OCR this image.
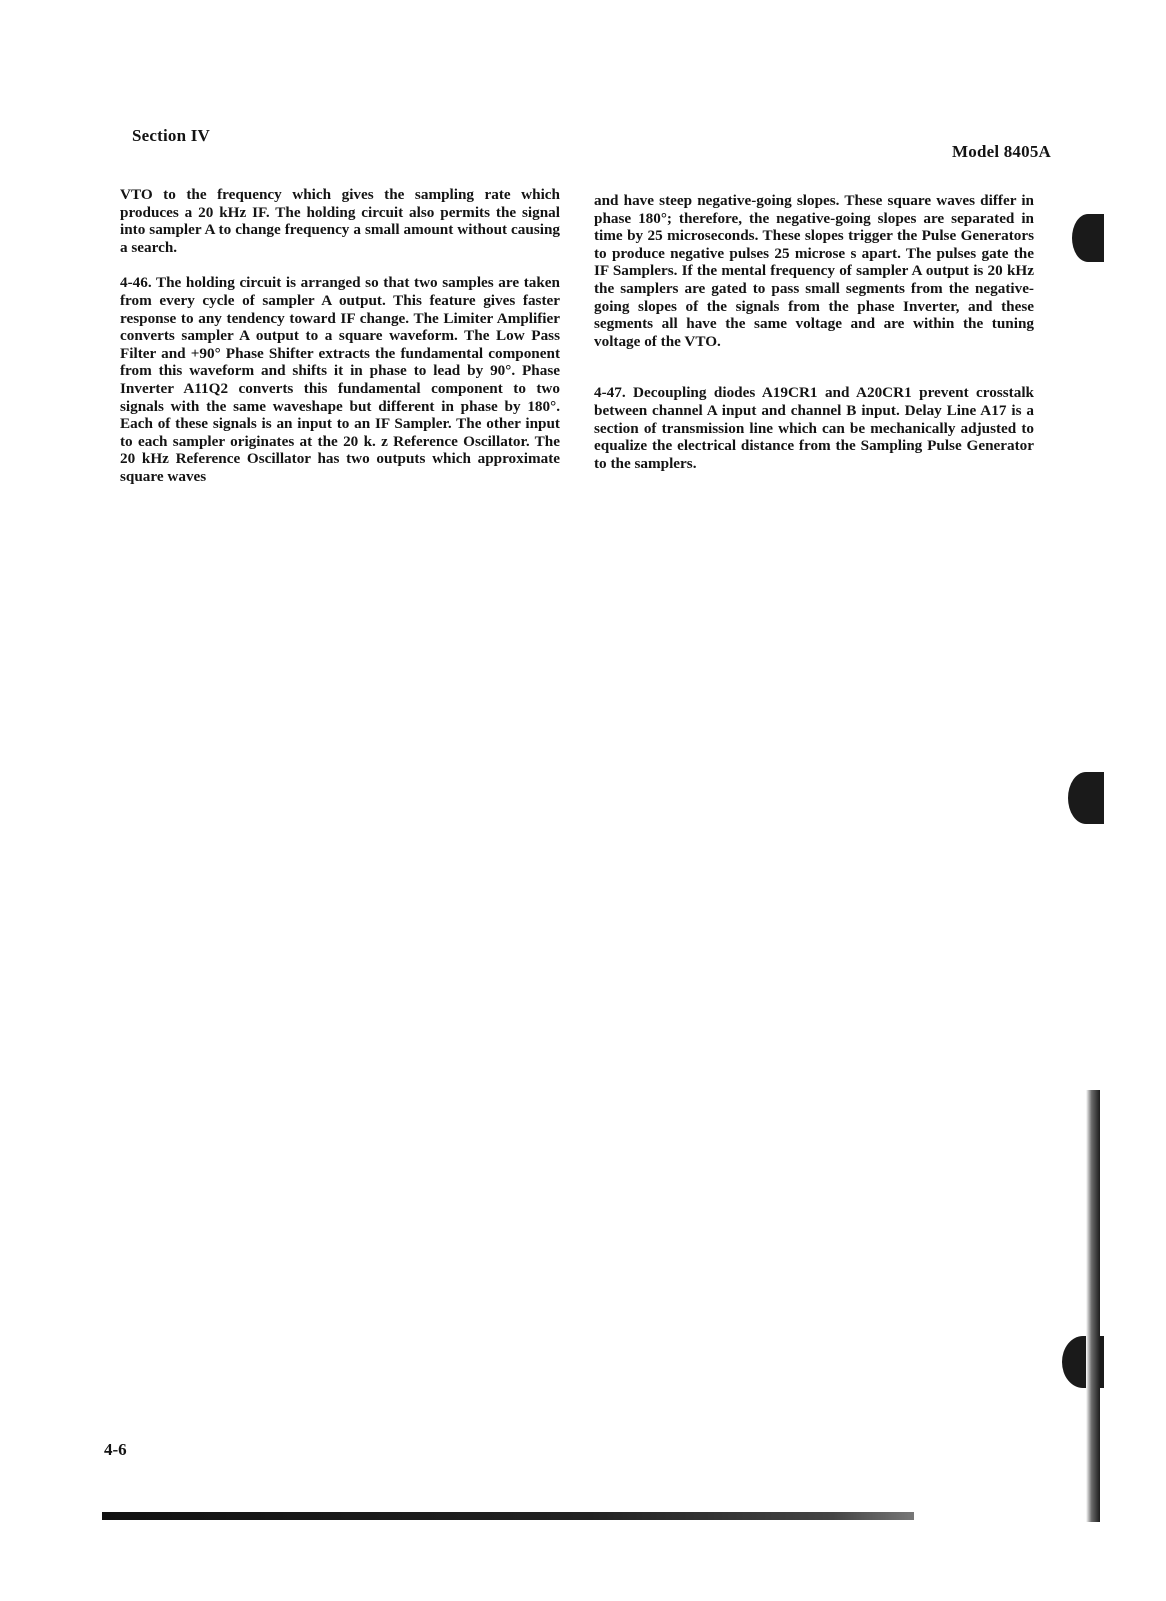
Section IV
Model 8405A

VTO to the frequency which gives the sampling rate which produces a 20 kHz IF. The holding circuit also permits the signal into sampler A to change frequency a small amount without causing a search.

4-46. The holding circuit is arranged so that two samples are taken from every cycle of sampler A output. This feature gives faster response to any tendency toward IF change. The Limiter Amplifier converts sampler A output to a square waveform. The Low Pass Filter and +90° Phase Shifter extracts the fundamental component from this waveform and shifts it in phase to lead by 90°. Phase Inverter A11Q2 converts this fundamental component to two signals with the same waveshape but different in phase by 180°. Each of these signals is an input to an IF Sampler. The other input to each sampler originates at the 20 k. z Reference Oscillator. The 20 kHz Reference Oscillator has two outputs which approximate square waves

and have steep negative-going slopes. These square waves differ in phase 180°; therefore, the negative-going slopes are separated in time by 25 microseconds. These slopes trigger the Pulse Generators to produce negative pulses 25 microse s apart. The pulses gate the IF Samplers. If the mental frequency of sampler A output is 20 kHz the samplers are gated to pass small segments from the negative-going slopes of the signals from the phase Inverter, and these segments all have the same voltage and are within the tuning voltage of the VTO.

4-47. Decoupling diodes A19CR1 and A20CR1 prevent crosstalk between channel A input and channel B input. Delay Line A17 is a section of transmission line which can be mechanically adjusted to equalize the electrical distance from the Sampling Pulse Generator to the samplers.

4-6
